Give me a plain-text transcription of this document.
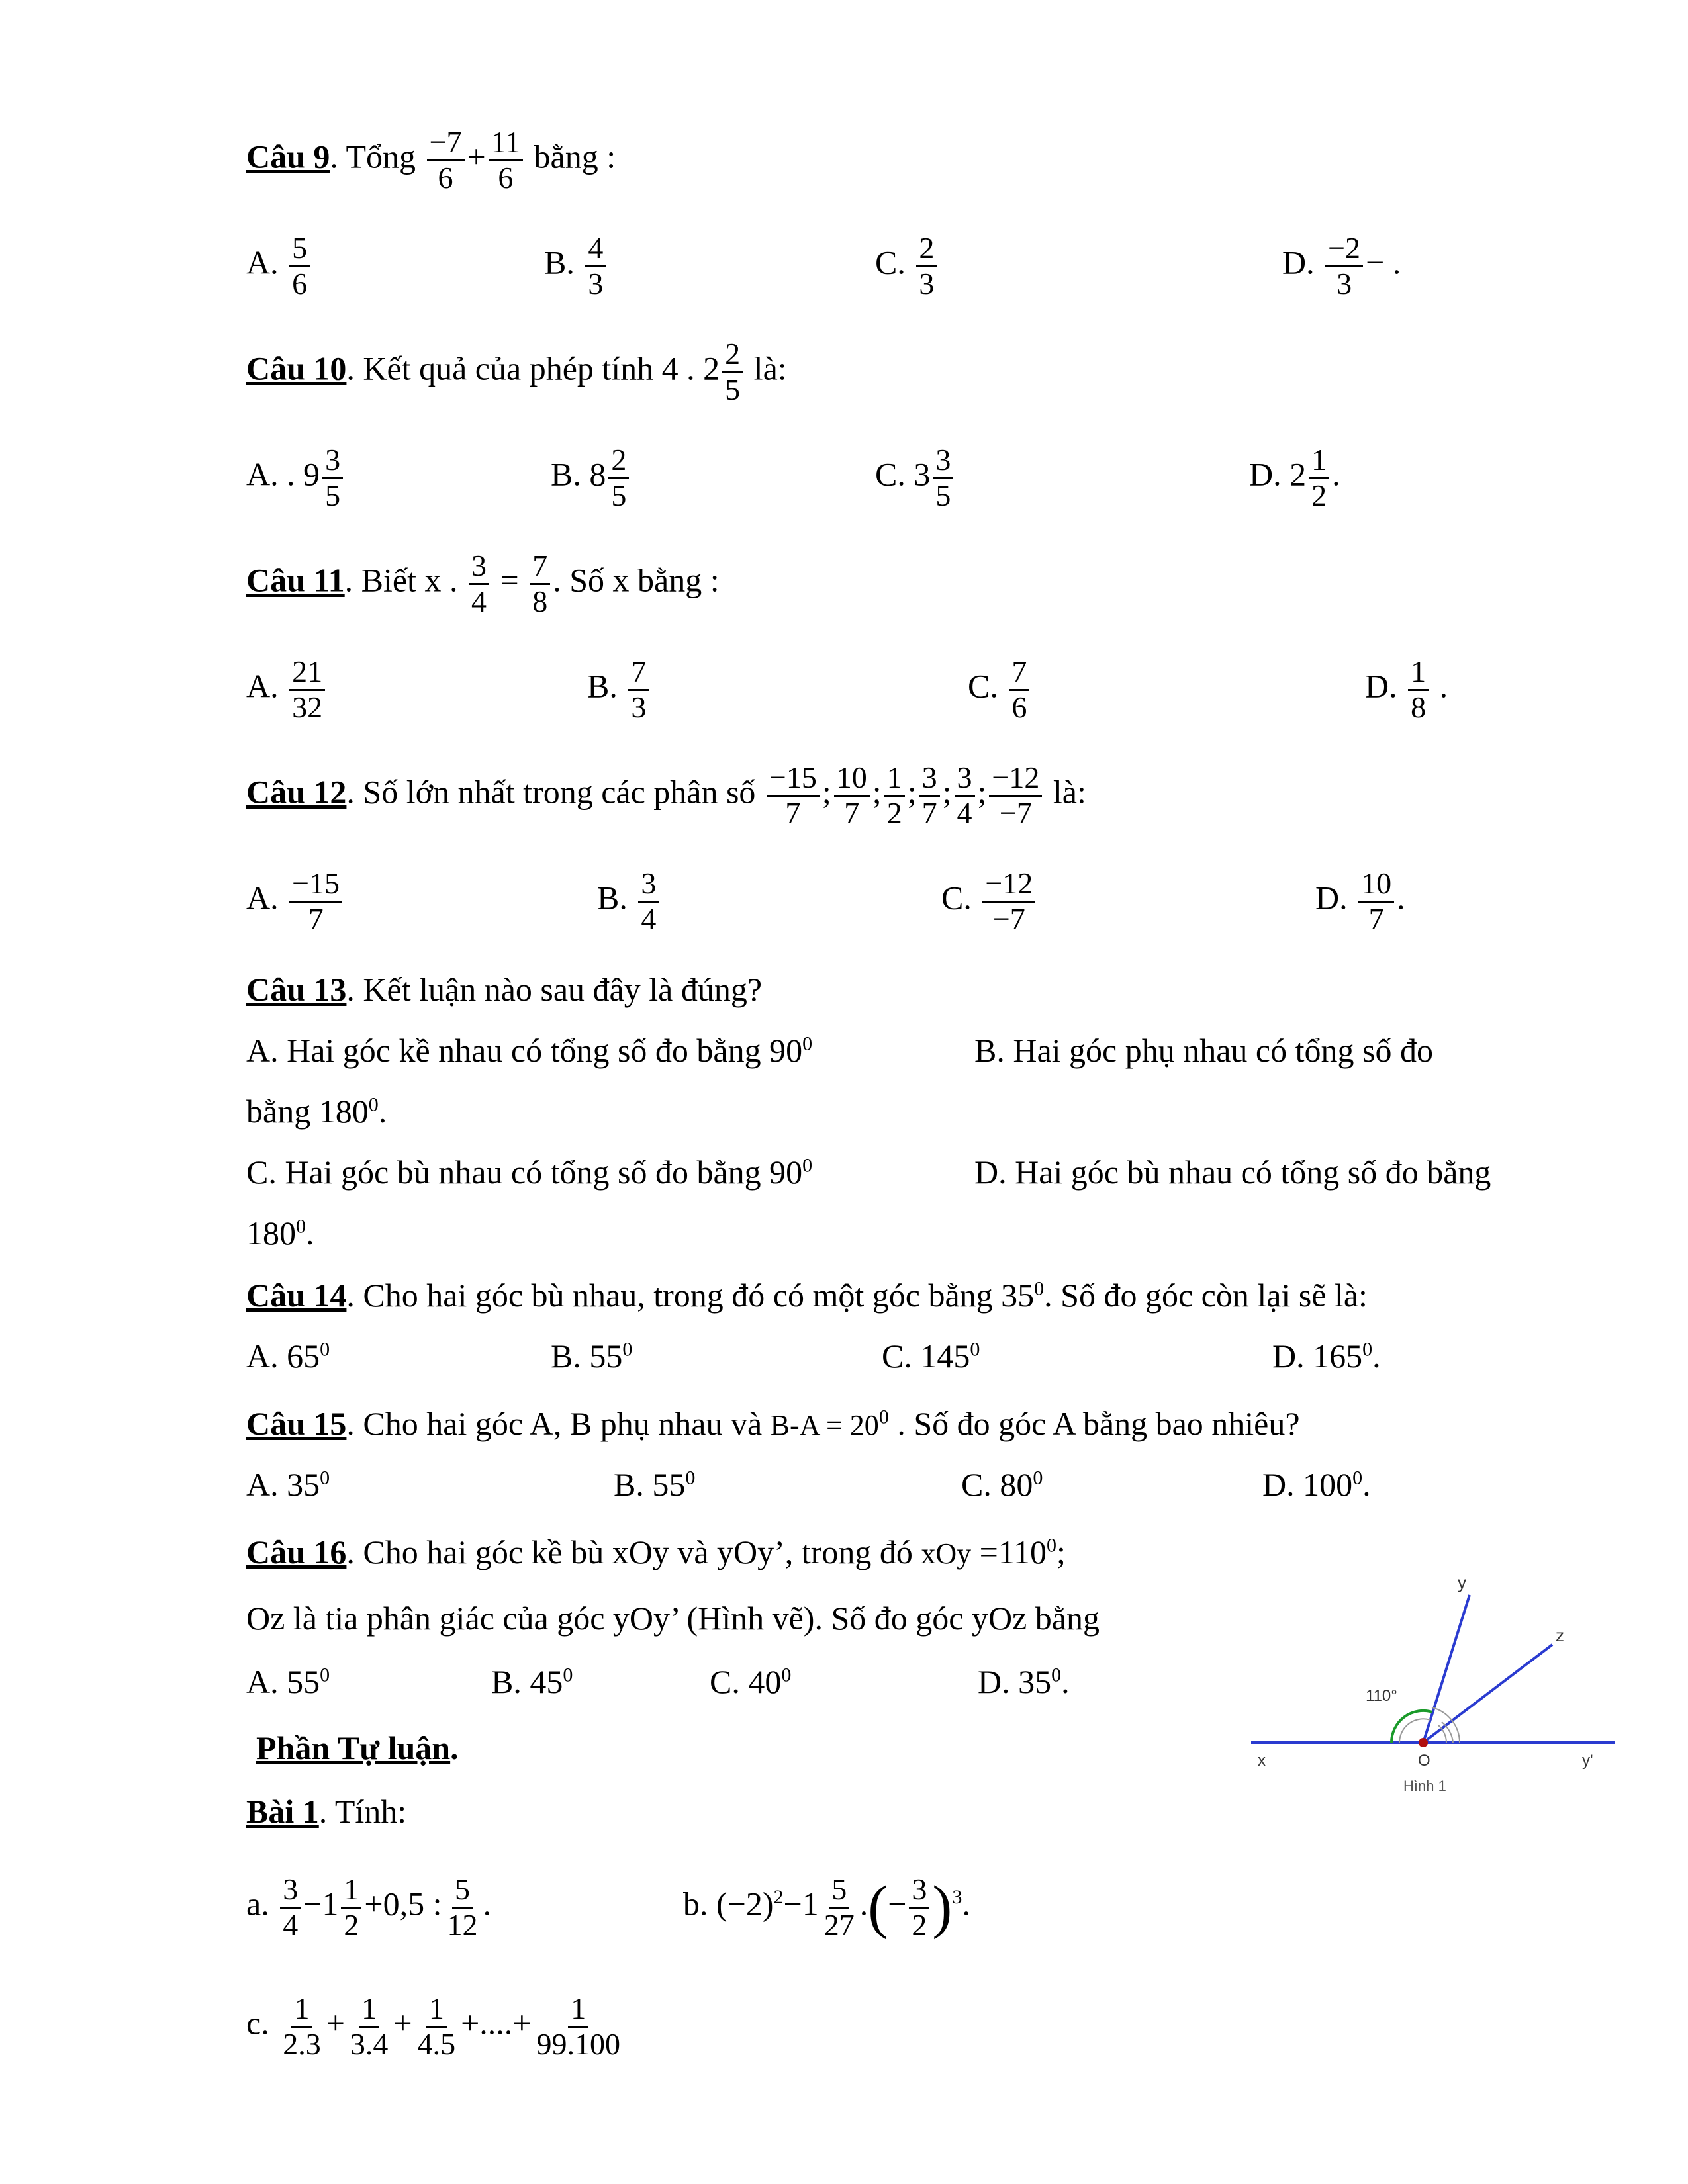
Câu 9. Tổng $\frac{-7}{6} + \frac{11}{6}$ bằng :
A. $\frac{5}{6}$	B. $\frac{4}{3}$	C. $\frac{2}{3}$	D. $\frac{-2}{3}$ − .
Câu 10. Kết quả của phép tính 4 . $2 \frac{2}{5}$ là:
A. . $9 \frac{3}{5}$	B. $8 \frac{2}{5}$	C. $3 \frac{3}{5}$	D. $2 \frac{1}{2}$ .
Câu 11. Biết x . $\frac{3}{4} = \frac{7}{8}$ . Số x bằng :
A. $\frac{21}{32}$	B. $\frac{7}{3}$	C. $\frac{7}{6}$	D. $\frac{1}{8}$ .
Câu 12. Số lớn nhất trong các phân số $\frac{-15}{7}$ ; $\frac{10}{7}$ ; $\frac{1}{2}$ ; $\frac{3}{7}$ ; $\frac{3}{4}$ ; $\frac{-12}{-7}$ là:
A. $\frac{-15}{7}$	B. $\frac{3}{4}$	C. $\frac{-12}{-7}$	D. $\frac{10}{7}$ .
Câu 13. Kết luận nào sau đây là đúng?
A. Hai góc kề nhau có tổng số đo bằng $90^0$	B. Hai góc phụ nhau có tổng số đo
bằng $180^0$.
C. Hai góc bù nhau có tổng số đo bằng $90^0$	D. Hai góc bù nhau có tổng số đo bằng
$180^0$.
Câu 14. Cho hai góc bù nhau, trong đó có một góc bằng $35^0$. Số đo góc còn lại sẽ là:
A. $65^0$	B. $55^0$	C. $145^0$	D. $165^0$.
Câu 15. Cho hai góc A, B phụ nhau và $B-A = 20^0$ . Số đo góc A bằng bao nhiêu?
A. $35^0$	B. $55^0$	C. $80^0$	D. $100^0$.
Câu 16. Cho hai góc kề bù xOy và yOy’, trong đó xOy $=110^0$;
Oz là tia phân giác của góc yOy’ (Hình vẽ). Số đo góc yOz bằng
A. $55^0$	B. $45^0$	C. $40^0$	D. $35^0$.
y
z
110°
x	O	y'
Hình 1
Phần Tự luận.
Bài 1. Tính:
a. $\frac{3}{4} -1 \frac{1}{2} +0,5$ : $\frac{5}{12}$ .	b. $(-2)^2-1 \frac{5}{27}$ .(− $\frac{3}{2} )^3$.
c. $\frac{1}{2.3} + \frac{1}{3.4} + \frac{1}{4.5}$ +....+ $\frac{1}{99.100}$
